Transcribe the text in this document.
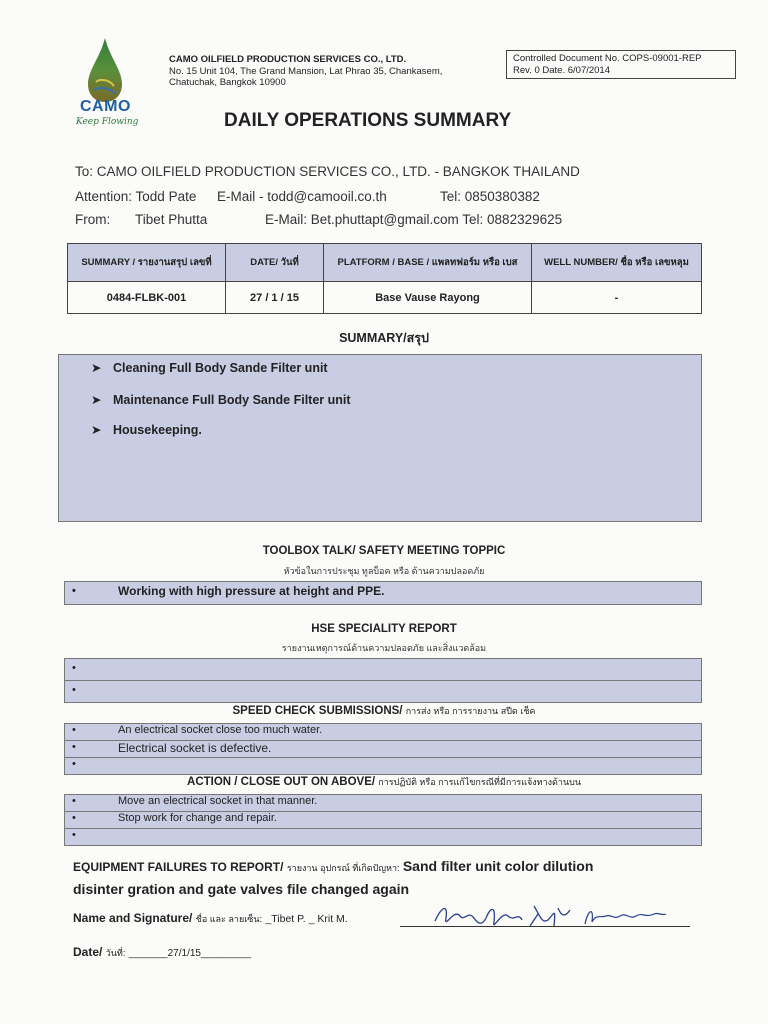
CAMO
Keep Flowing
CAMO OILFIELD PRODUCTION SERVICES CO., LTD.
No. 15 Unit 104, The Grand Mansion, Lat Phrao 35, Chankasem,
Chatuchak, Bangkok 10900
Controlled Document No. COPS-09001-REP
Rev. 0 Date. 6/07/2014
DAILY OPERATIONS SUMMARY
To: CAMO OILFIELD PRODUCTION SERVICES CO., LTD. - BANGKOK THAILAND
Attention: Todd Pate E-Mail - todd@camooil.co.th	Tel: 0850380382
From: Tibet Phutta	E-Mail: Bet.phuttapt@gmail.com Tel: 0882329625
SUMMARY / รายงานสรุป เลขที่	DATE/ วันที่	PLATFORM / BASE / แพลทฟอร์ม หรือ เบส	WELL NUMBER/ ชื่อ หรือ เลขหลุม
0484-FLBK-001	27 / 1 / 15	Base Vause Rayong	-
SUMMARY/สรุป
➤ Cleaning Full Body Sande Filter unit
➤ Maintenance Full Body Sande Filter unit
➤ Housekeeping.
TOOLBOX TALK/ SAFETY MEETING TOPPIC
หัวข้อในการประชุม ทูลบ็อค หรือ ด้านความปลอดภัย
•	Working with high pressure at height and PPE.
HSE SPECIALITY REPORT
รายงานเหตุการณ์ด้านความปลอดภัย และสิ่งแวดล้อม
•
•
SPEED CHECK SUBMISSIONS/ การส่ง หรือ การรายงาน สปีด เช็ค
•	An electrical socket close too much water.
•	Electrical socket is defective.
•
ACTION / CLOSE OUT ON ABOVE/ การปฏิบัติ หรือ การแก้ไขกรณีที่มีการแจ้งทางด้านบน
•	Move an electrical socket in that manner.
•	Stop work for change and repair.
•
EQUIPMENT FAILURES TO REPORT/ รายงาน อุปกรณ์ ที่เกิดปัญหา: Sand filter unit color dilution
disinter gration and gate valves file changed again
Name and Signature/ ชื่อ และ ลายเซ็น: _Tibet P. _ Krit M.
Date/ วันที่: _______27/1/15_________
